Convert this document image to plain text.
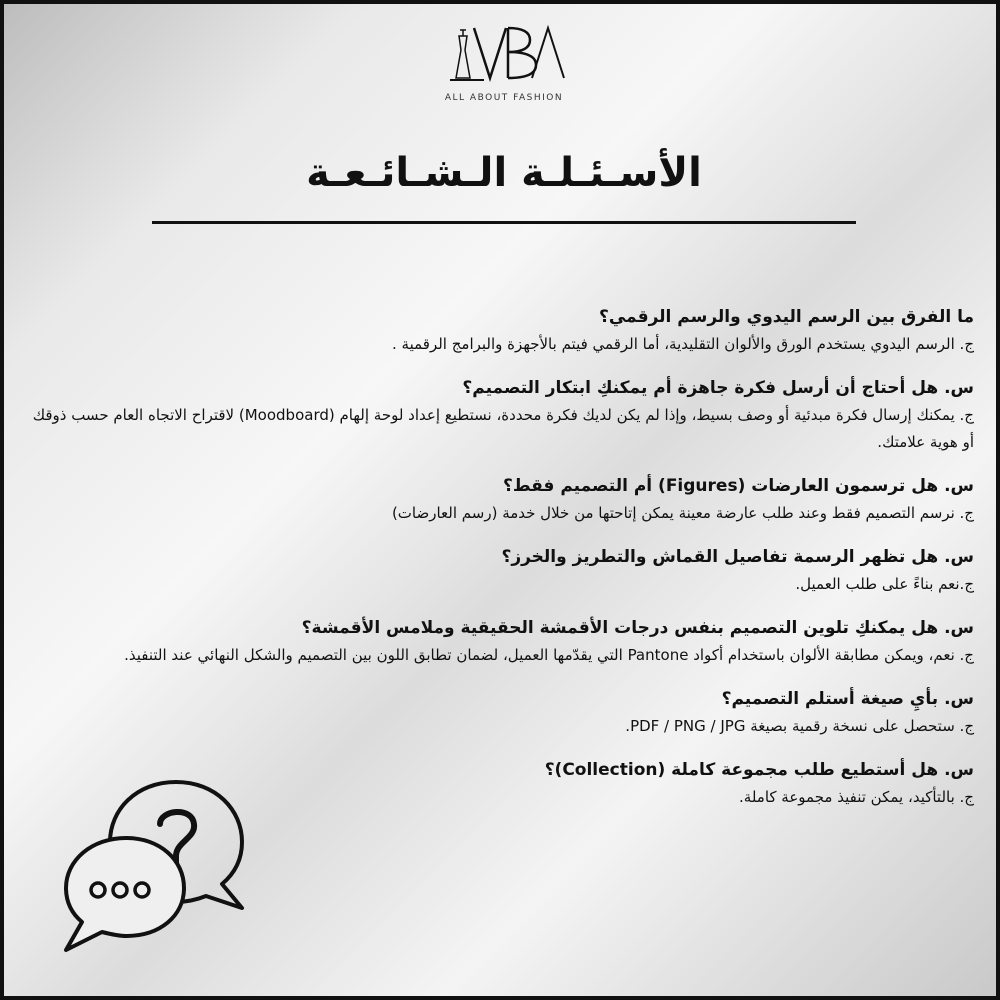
ALL ABOUT FASHION
الأسـئـلـة الـشـائـعـة
ما الفرق بين الرسم اليدوي والرسم الرقمي؟
ج. الرسم اليدوي يستخدم الورق والألوان التقليدية، أما الرقمي فيتم بالأجهزة والبرامج الرقمية .
س. هل أحتاج أن أرسل فكرة جاهزة أم يمكنكِ ابتكار التصميم؟
ج. يمكنك إرسال فكرة مبدئية أو وصف بسيط، وإذا لم يكن لديك فكرة محددة، نستطيع إعداد لوحة إلهام (Moodboard) لاقتراح الاتجاه العام حسب ذوقك أو هوية علامتك.
س. هل ترسمون العارضات (Figures) أم التصميم فقط؟
ج. نرسم التصميم فقط وعند طلب عارضة معينة يمكن إتاحتها من خلال خدمة (رسم العارضات)
س. هل تظهر الرسمة تفاصيل القماش والتطريز والخرز؟
ج.نعم بناءً على طلب العميل.
س. هل يمكنكِ تلوين التصميم بنفس درجات الأقمشة الحقيقية وملامس الأقمشة؟
ج. نعم، ويمكن مطابقة الألوان باستخدام أكواد Pantone التي يقدّمها العميل، لضمان تطابق اللون بين التصميم والشكل النهائي عند التنفيذ.
س. بأيِ صيغة أستلم التصميم؟
ج. ستحصل على نسخة رقمية بصيغة PDF / PNG / JPG.
س. هل أستطيع طلب مجموعة كاملة (Collection)؟
ج. بالتأكيد، يمكن تنفيذ مجموعة كاملة.
